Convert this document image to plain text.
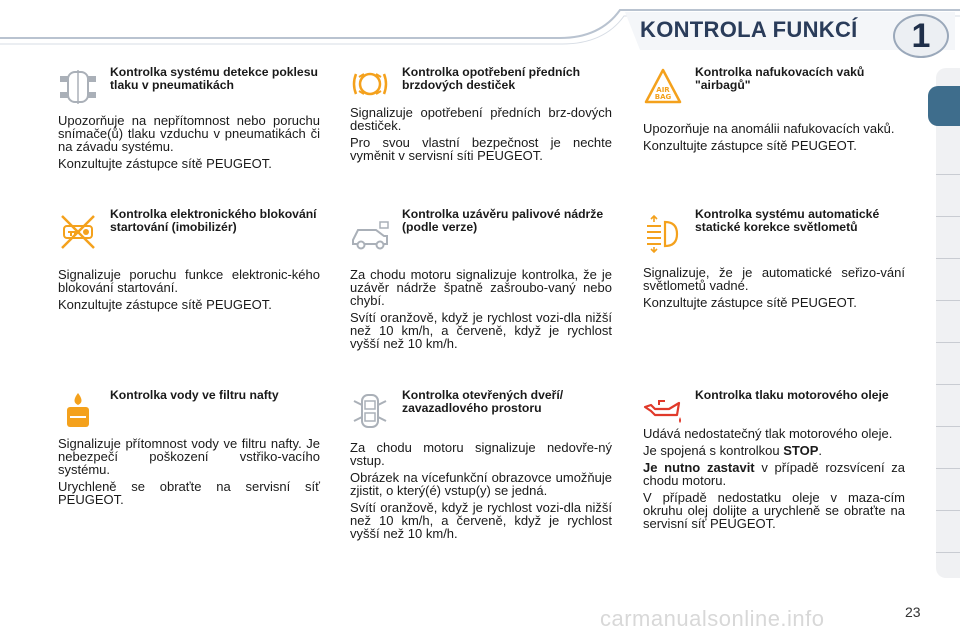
KONTROLA FUNKCÍ	1
!
Kontrolka systému detekce poklesu tlaku v pneumatikách

Upozorňuje na nepřítomnost nebo poruchu snímače(ů) tlaku vzduchu v pneumatikách či na závadu systému.

Konzultujte zástupce sítě PEUGEOT.

Kontrolka opotřebení předních brzdových destiček

Signalizuje opotřebení předních brz-dových destiček.

Pro svou vlastní bezpečnost je nechte vyměnit v servisní síti PEUGEOT.

AIR
BAG
Kontrolka nafukovacích vaků "airbagů"

Upozorňuje na anomálii nafukovacích vaků.

Konzultujte zástupce sítě PEUGEOT.

Kontrolka elektronického blokování startování (imobilizér)

Signalizuje poruchu funkce elektronic-kého blokování startování.

Konzultujte zástupce sítě PEUGEOT.

Kontrolka uzávěru palivové nádrže (podle verze)

Za chodu motoru signalizuje kontrolka, že je uzávěr nádrže špatně zašroubo-vaný nebo chybí.

Svítí oranžově, když je rychlost vozi-dla nižší než 10 km/h, a červeně, když je rychlost vyšší než 10 km/h.

Kontrolka systému automatické statické korekce světlometů

Signalizuje, že je automatické seřizo-vání světlometů vadné.

Konzultujte zástupce sítě PEUGEOT.

Kontrolka vody ve filtru nafty

Signalizuje přítomnost vody ve filtru nafty. Je nebezpečí poškození vstřiko-vacího systému.

Urychleně se obraťte na servisní síť PEUGEOT.

Kontrolka otevřených dveří/ zavazadlového prostoru

Za chodu motoru signalizuje nedovře-ný vstup.

Obrázek na vícefunkční obrazovce umožňuje zjistit, o který(é) vstup(y) se jedná.

Svítí oranžově, když je rychlost vozi-dla nižší než 10 km/h, a červeně, když je rychlost vyšší než 10 km/h.

Kontrolka tlaku motorového oleje

Udává nedostatečný tlak motorového oleje.

Je spojená s kontrolkou STOP.

Je nutno zastavit v případě rozsvícení za chodu motoru.

V případě nedostatku oleje v maza-cím okruhu olej dolijte a urychleně se obraťte na servisní síť PEUGEOT.

carmanualsonline.info	23
